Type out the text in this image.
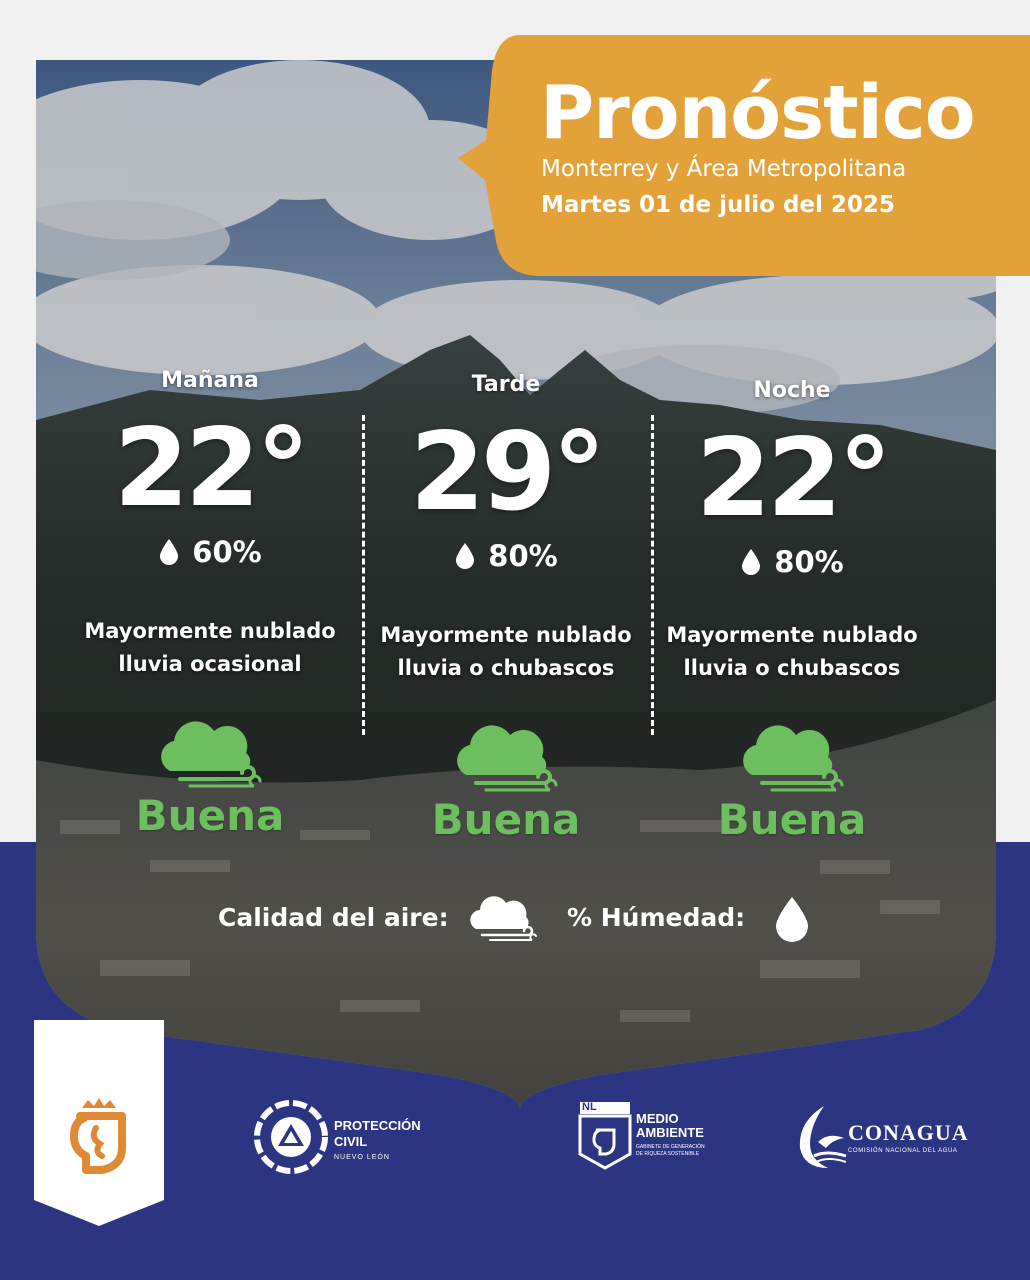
Pronóstico
Monterrey y Área Metropolitana
Martes 01 de julio del 2025
Mañana
22°
60%
Mayormente nublado
lluvia ocasional
Buena
Tarde
29°
80%
Mayormente nublado
lluvia o chubascos
Buena
Noche
22°
80%
Mayormente nublado
lluvia o chubascos
Buena
Calidad del aire:	% Húmedad:
PROTECCIÓN
CIVIL
NUEVO LEÓN
NL
MEDIO
AMBIENTE
GABINETE DE GENERACIÓN
DE RIQUEZA SOSTENIBLE
CONAGUA
COMISIÓN NACIONAL DEL AGUA
